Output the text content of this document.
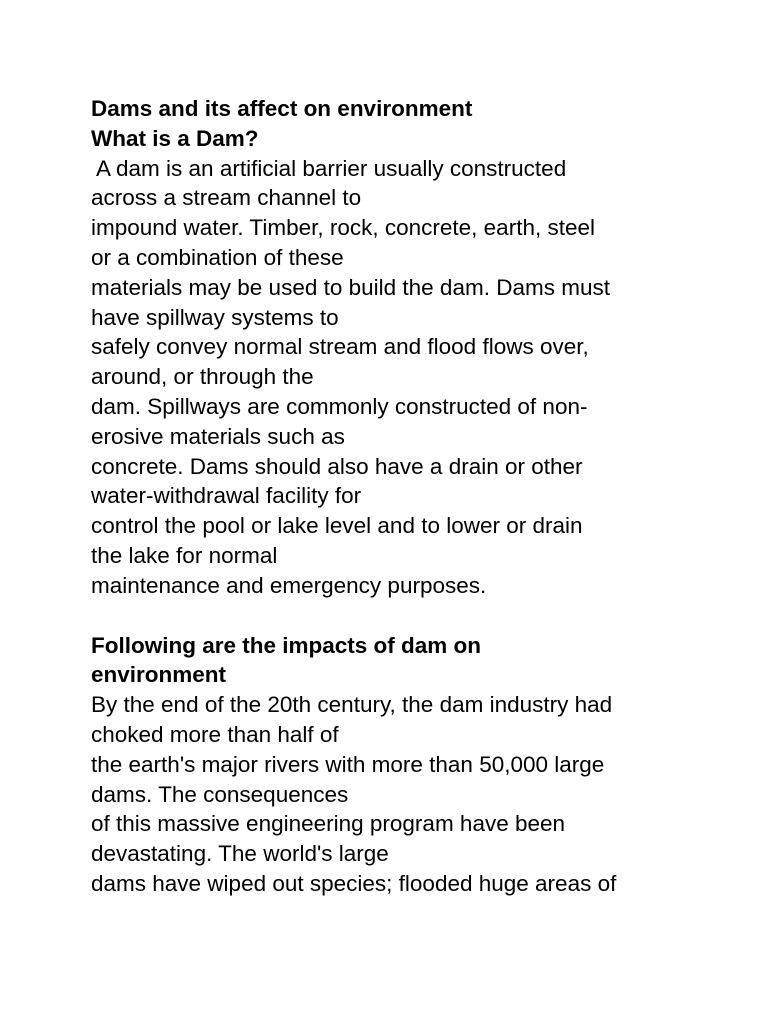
Dams and its affect on environment
What is a Dam?
A dam is an artificial barrier usually constructed
across a stream channel to
impound water. Timber, rock, concrete, earth, steel
or a combination of these
materials may be used to build the dam. Dams must
have spillway systems to
safely convey normal stream and flood flows over,
around, or through the
dam. Spillways are commonly constructed of non-
erosive materials such as
concrete. Dams should also have a drain or other
water-withdrawal facility for
control the pool or lake level and to lower or drain
the lake for normal
maintenance and emergency purposes.
Following are the impacts of dam on
environment
By the end of the 20th century, the dam industry had
choked more than half of
the earth's major rivers with more than 50,000 large
dams. The consequences
of this massive engineering program have been
devastating. The world's large
dams have wiped out species; flooded huge areas of
